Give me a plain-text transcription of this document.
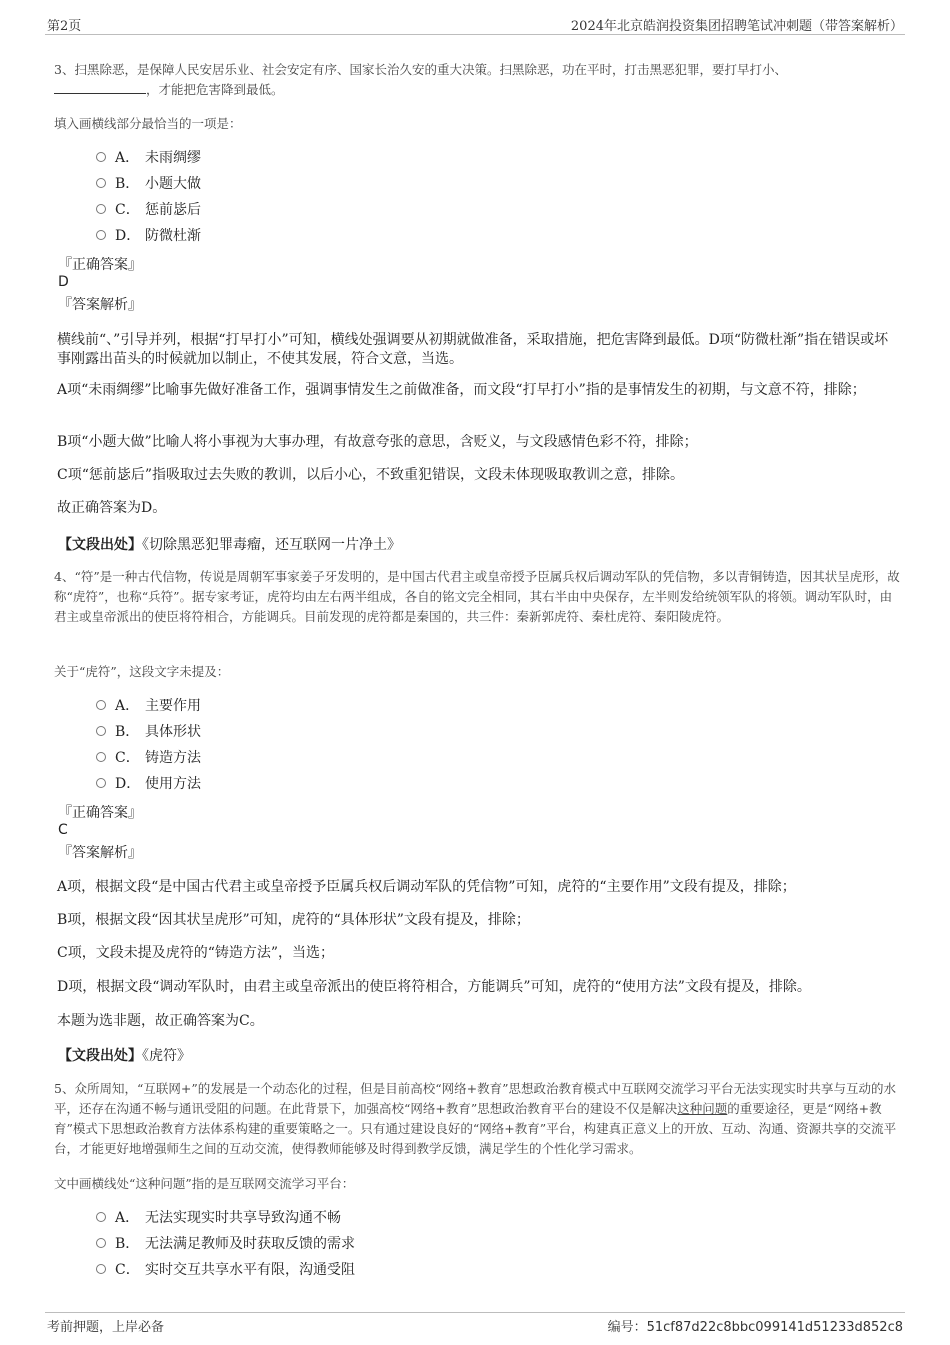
第2页	2024年北京皓润投资集团招聘笔试冲刺题（带答案解析）
3、扫黑除恶，是保障人民安居乐业、社会安定有序、国家长治久安的重大决策。扫黑除恶，功在平时，打击黑恶犯罪，要打早打小、
，才能把危害降到最低。
填入画横线部分最恰当的一项是：
A． 未雨绸缪
B． 小题大做
C． 惩前毖后
D． 防微杜渐
『正确答案』
D
『答案解析』
横线前“、”引导并列，根据“打早打小”可知，横线处强调要从初期就做准备，采取措施，把危害降到最低。D项“防微杜渐”指在错误或坏事刚露出苗头的时候就加以制止，不使其发展，符合文意，当选。
A项“未雨绸缪”比喻事先做好准备工作，强调事情发生之前做准备，而文段“打早打小”指的是事情发生的初期，与文意不符，排除；
B项“小题大做”比喻人将小事视为大事办理，有故意夸张的意思，含贬义，与文段感情色彩不符，排除；
C项“惩前毖后”指吸取过去失败的教训，以后小心，不致重犯错误，文段未体现吸取教训之意，排除。
故正确答案为D。
【文段出处】《切除黑恶犯罪毒瘤，还互联网一片净土》
4、“符”是一种古代信物，传说是周朝军事家姜子牙发明的，是中国古代君主或皇帝授予臣属兵权后调动军队的凭信物，多以青铜铸造，因其状呈虎形，故称“虎符”，也称“兵符”。据专家考证，虎符均由左右两半组成，各自的铭文完全相同，其右半由中央保存，左半则发给统领军队的将领。调动军队时，由君主或皇帝派出的使臣将符相合，方能调兵。目前发现的虎符都是秦国的，共三件：秦新郭虎符、秦杜虎符、秦阳陵虎符。
关于“虎符”，这段文字未提及：
A． 主要作用
B． 具体形状
C． 铸造方法
D． 使用方法
『正确答案』
C
『答案解析』
A项，根据文段“是中国古代君主或皇帝授予臣属兵权后调动军队的凭信物”可知，虎符的“主要作用”文段有提及，排除；
B项，根据文段“因其状呈虎形”可知，虎符的“具体形状”文段有提及，排除；
C项，文段未提及虎符的“铸造方法”，当选；
D项，根据文段“调动军队时，由君主或皇帝派出的使臣将符相合，方能调兵”可知，虎符的“使用方法”文段有提及，排除。
本题为选非题，故正确答案为C。
【文段出处】《虎符》
5、众所周知，“互联网+”的发展是一个动态化的过程，但是目前高校“网络+教育”思想政治教育模式中互联网交流学习平台无法实现实时共享与互动的水平，还存在沟通不畅与通讯受阻的问题。在此背景下，加强高校“网络+教育”思想政治教育平台的建设不仅是解决这种问题的重要途径，更是“网络+教育”模式下思想政治教育方法体系构建的重要策略之一。只有通过建设良好的“网络+教育”平台，构建真正意义上的开放、互动、沟通、资源共享的交流平台，才能更好地增强师生之间的互动交流，使得教师能够及时得到教学反馈，满足学生的个性化学习需求。
文中画横线处“这种问题”指的是互联网交流学习平台：
A． 无法实现实时共享导致沟通不畅
B． 无法满足教师及时获取反馈的需求
C． 实时交互共享水平有限，沟通受阻
考前押题，上岸必备	编号：51cf87d22c8bbc099141d51233d852c8
